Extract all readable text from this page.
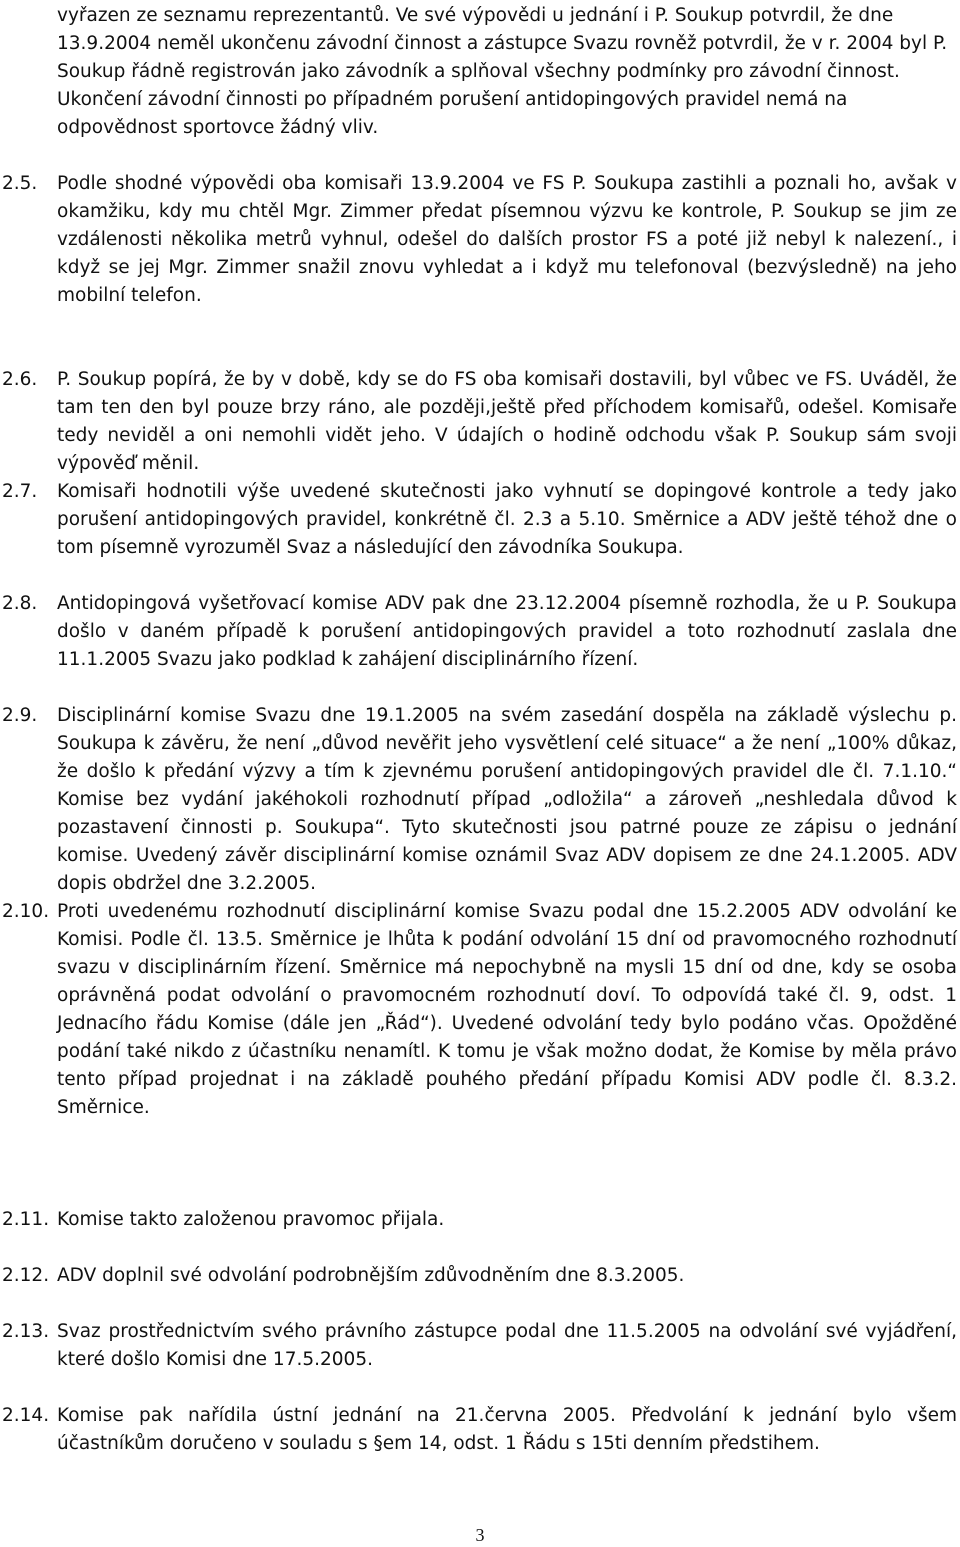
vyřazen ze seznamu reprezentantů. Ve své výpovědi u jednání i P. Soukup potvrdil, že dne 13.9.2004 neměl ukončenu závodní činnost a zástupce Svazu rovněž potvrdil, že v r. 2004 byl P. Soukup řádně registrován jako závodník a splňoval všechny podmínky pro závodní činnost. Ukončení závodní činnosti po případném porušení antidopingových pravidel nemá na odpovědnost sportovce žádný vliv.

2.5. Podle shodné výpovědi oba komisaři 13.9.2004 ve FS P. Soukupa zastihli a poznali ho, avšak v okamžiku, kdy mu chtěl Mgr. Zimmer předat písemnou výzvu ke kontrole, P. Soukup se jim ze vzdálenosti několika metrů vyhnul, odešel do dalších prostor FS a poté již nebyl k nalezení., i když se jej Mgr. Zimmer snažil znovu vyhledat a i když mu telefonoval (bezvýsledně) na jeho mobilní telefon.

2.6. P. Soukup popírá, že by v době, kdy se do FS oba komisaři dostavili, byl vůbec ve FS. Uváděl, že tam ten den byl pouze brzy ráno, ale později,ještě před příchodem komisařů, odešel. Komisaře tedy neviděl a oni nemohli vidět jeho. V údajích o hodině odchodu však P. Soukup sám svoji výpověď měnil.

2.7. Komisaři hodnotili výše uvedené skutečnosti jako vyhnutí se dopingové kontrole a tedy jako porušení antidopingových pravidel, konkrétně čl. 2.3 a 5.10. Směrnice a ADV ještě téhož dne o tom písemně vyrozuměl Svaz a následující den závodníka Soukupa.

2.8. Antidopingová vyšetřovací komise ADV pak dne 23.12.2004 písemně rozhodla, že u P. Soukupa došlo v daném případě k porušení antidopingových pravidel a toto rozhodnutí zaslala dne 11.1.2005 Svazu jako podklad k zahájení disciplinárního řízení.

2.9. Disciplinární komise Svazu dne 19.1.2005 na svém zasedání dospěla na základě výslechu p. Soukupa k závěru, že není „důvod nevěřit jeho vysvětlení celé situace“ a že není „100% důkaz, že došlo k předání výzvy a tím k zjevnému porušení antidopingových pravidel dle čl. 7.1.10.“ Komise bez vydání jakéhokoli rozhodnutí případ „odložila“ a zároveň „neshledala důvod k pozastavení činnosti p. Soukupa“. Tyto skutečnosti jsou patrné pouze ze zápisu o jednání komise. Uvedený závěr disciplinární komise oznámil Svaz ADV dopisem ze dne 24.1.2005. ADV dopis obdržel dne 3.2.2005.

2.10. Proti uvedenému rozhodnutí disciplinární komise Svazu podal dne 15.2.2005 ADV odvolání ke Komisi. Podle čl. 13.5. Směrnice je lhůta k podání odvolání 15 dní od pravomocného rozhodnutí svazu v disciplinárním řízení. Směrnice má nepochybně na mysli 15 dní od dne, kdy se osoba oprávněná podat odvolání o pravomocném rozhodnutí doví. To odpovídá také čl. 9, odst. 1 Jednacího řádu Komise (dále jen „Řád“). Uvedené odvolání tedy bylo podáno včas. Opožděné podání také nikdo z účastníku nenamítl. K tomu je však možno dodat, že Komise by měla právo tento případ projednat i na základě pouhého předání případu Komisi ADV podle čl. 8.3.2. Směrnice.

2.11. Komise takto založenou pravomoc přijala.

2.12. ADV doplnil své odvolání podrobnějším zdůvodněním dne 8.3.2005.

2.13. Svaz prostřednictvím svého právního zástupce podal dne 11.5.2005 na odvolání své vyjádření, které došlo Komisi dne 17.5.2005.

2.14. Komise pak nařídila ústní jednání na 21.června 2005. Předvolání k jednání bylo všem účastníkům doručeno v souladu s §em 14, odst. 1 Řádu s 15ti denním předstihem.

3
